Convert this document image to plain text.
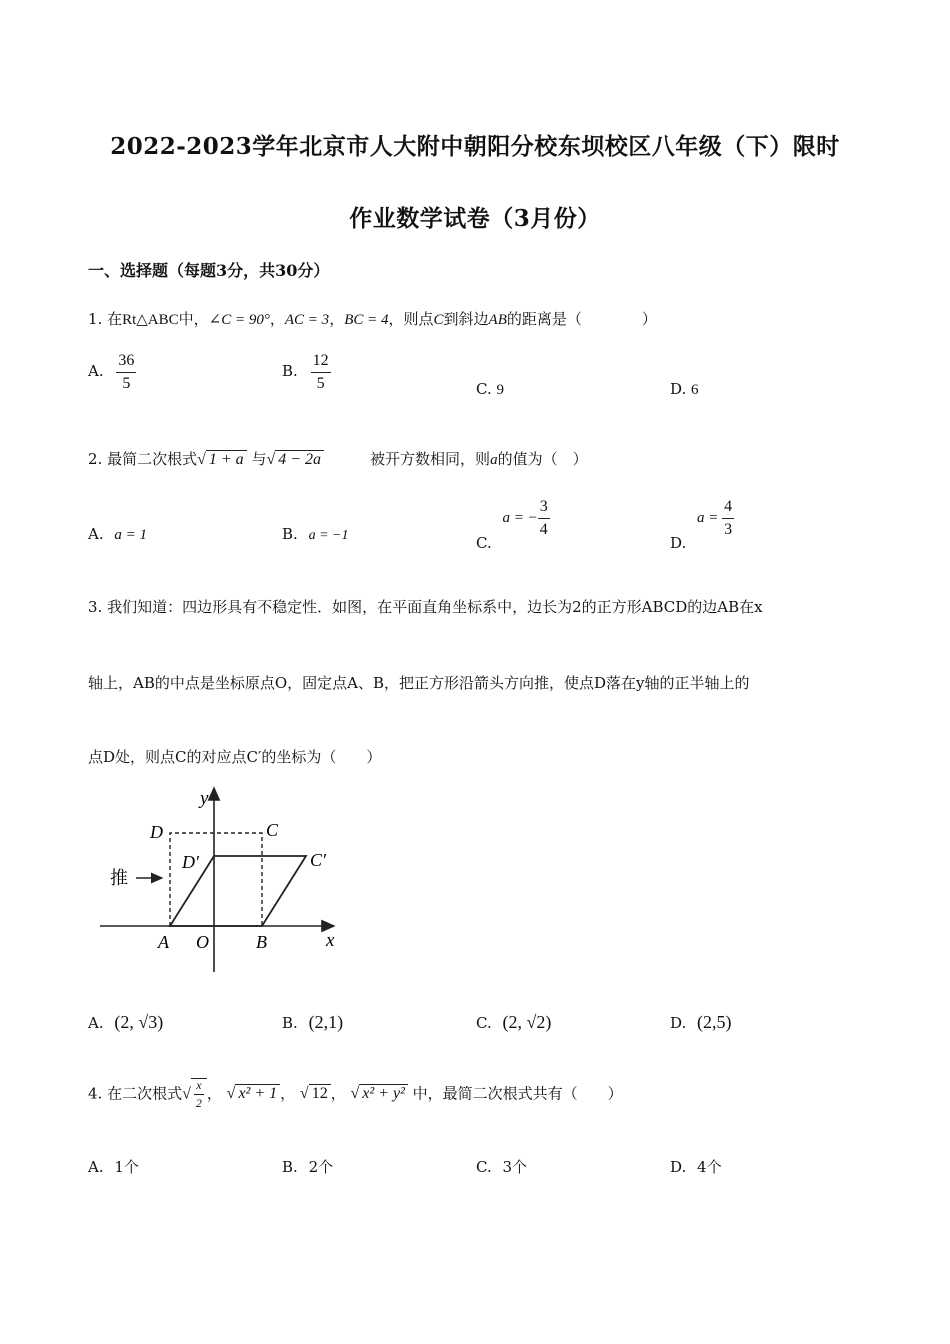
2022-2023学年北京市人大附中朝阳分校东坝校区八年级（下）限时
作业数学试卷（3月份）
一、选择题（每题3分，共30分）
1. 在Rt△ABC中，∠C = 90°，AC = 3，BC = 4，则点C到斜边AB的距离是（　　　　）
A. $\frac{36}{5}$	B. $\frac{12}{5}$	C. 9	D. 6
2. 最简二次根式√ 1 + a 与√ 4 − 2a	被开方数相同，则a的值为（　）
A. a = 1	B. a = −1	C. a = − $\frac{3}{4}$
D. $a = \frac{4}{3}$
3. 我们知道：四边形具有不稳定性．如图，在平面直角坐标系中，边长为2的正方形ABCD的边AB在x
轴上，AB的中点是坐标原点O，固定点A、B，把正方形沿箭头方向推，使点D落在y轴的正半轴上的
点D处，则点C的对应点C′的坐标为（　　）
推
y
x
D	C
D′	C′
A O	B
A. (2, √3)	B. (2,1)	C. (2, √2)	D. (2,5)
4. 在二次根式√ $\frac{x}{2}$ ， √ x² + 1 ， √ 12 ， √ x² + y² 中，最简二次根式共有（　　）
A. 1个	B. 2个	C. 3个	D. 4个
